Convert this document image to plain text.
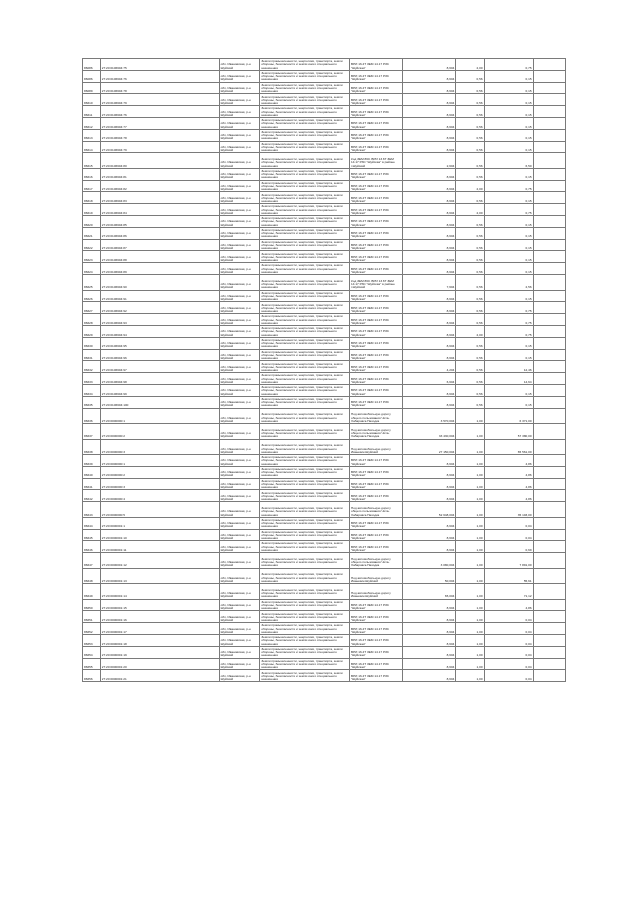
86086	27:20:0106604:75	обл. Ивановская, р-н Шуйский	Земли промышленности, энергетики, транспорта, земли обороны, безопасности и земли иного специального назначения	ВРИ 16.4Т ЗЕМ 14.17 РЗС "Шуйская"	8,604	2,00	0,75	
86086	27:20:0106604:76	обл. Ивановская, р-н Шуйский	Земли промышленности, энергетики, транспорта, земли обороны, безопасности и земли иного специального назначения	ВРИ 16.4Т ЗЕМ 14.17 РЗС "Шуйская"	8,604	0,56	0,15	
86089	27:20:0106604:78	обл. Ивановская, р-н Шуйский	Земли промышленности, энергетики, транспорта, земли обороны, безопасности и земли иного специального назначения	ВРИ 16.4Т ЗЕМ 14.17 РЗС "Шуйская"	8,604	0,56	0,15	
86610	27:20:0106604:79	обл. Ивановская, р-н Шуйский	Земли промышленности, энергетики, транспорта, земли обороны, безопасности и земли иного специального назначения	ВРИ 16.4Т ЗЕМ 14.17 РЗС "Шуйская"	8,604	0,56	0,15	
86611	27:20:0106604:76	обл. Ивановская, р-н Шуйский	Земли промышленности, энергетики, транспорта, земли обороны, безопасности и земли иного специального назначения	ВРИ 16.4Т ЗЕМ 14.17 РЗС "Шуйская"	8,604	0,56	0,15	
86612	27:20:0106604:77	обл. Ивановская, р-н Шуйский	Земли промышленности, энергетики, транспорта, земли обороны, безопасности и земли иного специального назначения	ВРИ 16.4Т ЗЕМ 14.17 РЗС "Шуйская"	8,604	0,56	0,15	
86613	27:20:0106604:78	обл. Ивановская, р-н Шуйский	Земли промышленности, энергетики, транспорта, земли обороны, безопасности и земли иного специального назначения	ВРИ 16.4Т ЗЕМ 14.17 РЗС "Шуйская"	8,604	0,56	0,15	
86614	27:20:0106604:79	обл. Ивановская, р-н Шуйский	Земли промышленности, энергетики, транспорта, земли обороны, безопасности и земли иного специального назначения	ВРИ 16.4Т ЗЕМ 14.17 РЗС "Шуйская"	8,604	0,56	0,15	
86615	27:20:0106604:80	обл. Ивановская, р-н Шуйский	Земли промышленности, энергетики, транспорта, земли обороны, безопасности и земли иного специального назначения	Код ЗЕМ 860. ВРИ 13.6Т ЗЕМ 14.17 РЗС "Шуйская" в районе г.Шуйский	2,604	0,56	6,50	
86616	27:20:0106604:81	обл. Ивановская, р-н Шуйский	Земли промышленности, энергетики, транспорта, земли обороны, безопасности и земли иного специального назначения	ВРИ 16.4Т ЗЕМ 14.17 РЗС "Шуйская"	8,604	0,56	0,15	
86617	27:20:0106604:82	обл. Ивановская, р-н Шуйский	Земли промышленности, энергетики, транспорта, земли обороны, безопасности и земли иного специального назначения	ВРИ 16.4Т ЗЕМ 14.17 РЗС "Шуйская"	8,604	2,00	0,75	
86618	27:20:0106604:83	обл. Ивановская, р-н Шуйский	Земли промышленности, энергетики, транспорта, земли обороны, безопасности и земли иного специального назначения	ВРИ 16.4Т ЗЕМ 14.17 РЗС "Шуйская"	8,604	0,56	0,15	
86619	27:20:0106604:84	обл. Ивановская, р-н Шуйский	Земли промышленности, энергетики, транспорта, земли обороны, безопасности и земли иного специального назначения	ВРИ 16.4Т ЗЕМ 14.17 РЗС "Шуйская"	8,604	2,00	0,75	
86620	27:20:0106604:85	обл. Ивановская, р-н Шуйский	Земли промышленности, энергетики, транспорта, земли обороны, безопасности и земли иного специального назначения	ВРИ 16.4Т ЗЕМ 14.17 РЗС "Шуйская"	8,604	0,56	0,15	
86621	27:20:0106604:86	обл. Ивановская, р-н Шуйский	Земли промышленности, энергетики, транспорта, земли обороны, безопасности и земли иного специального назначения	ВРИ 16.4Т ЗЕМ 14.17 РЗС "Шуйская"	8,604	0,56	0,15	
86622	27:20:0106604:87	обл. Ивановская, р-н Шуйский	Земли промышленности, энергетики, транспорта, земли обороны, безопасности и земли иного специального назначения	ВРИ 16.4Т ЗЕМ 14.17 РЗС "Шуйская"	8,604	0,56	0,15	
86623	27:20:0106604:88	обл. Ивановская, р-н Шуйский	Земли промышленности, энергетики, транспорта, земли обороны, безопасности и земли иного специального назначения	ВРИ 16.4Т ЗЕМ 14.17 РЗС "Шуйская"	8,604	0,56	0,15	
86624	27:20:0106604:89	обл. Ивановская, р-н Шуйский	Земли промышленности, энергетики, транспорта, земли обороны, безопасности и земли иного специального назначения	ВРИ 16.4Т ЗЕМ 14.17 РЗС "Шуйская"	8,604	0,56	0,15	
86625	27:20:0106604:90	обл. Ивановская, р-н Шуйский	Земли промышленности, энергетики, транспорта, земли обороны, безопасности и земли иного специального назначения	Код ЗЕМ 860. ВРИ 13.6Т ЗЕМ 14.17 РЗС "Шуйская" в районе г.Шуйский	7,604	0,56	2,56	
86626	27:20:0106604:91	обл. Ивановская, р-н Шуйский	Земли промышленности, энергетики, транспорта, земли обороны, безопасности и земли иного специального назначения	ВРИ 16.4Т ЗЕМ 14.17 РЗС "Шуйская"	8,604	0,56	0,15	
86627	27:20:0106604:92	обл. Ивановская, р-н Шуйский	Земли промышленности, энергетики, транспорта, земли обороны, безопасности и земли иного специального назначения	ВРИ 16.4Т ЗЕМ 14.17 РЗС "Шуйская"	8,604	0,56	0,75	
86628	27:20:0106604:93	обл. Ивановская, р-н Шуйский	Земли промышленности, энергетики, транспорта, земли обороны, безопасности и земли иного специального назначения	ВРИ 16.4Т ЗЕМ 14.17 РЗС "Шуйская"	8,604	0,56	0,75	
86629	27:20:0106604:94	обл. Ивановская, р-н Шуйский	Земли промышленности, энергетики, транспорта, земли обороны, безопасности и земли иного специального назначения	ВРИ 16.4Т ЗЕМ 14.17 РЗС "Шуйская"	8,604	2,00	0,75	
86630	27:20:0106604:95	обл. Ивановская, р-н Шуйский	Земли промышленности, энергетики, транспорта, земли обороны, безопасности и земли иного специального назначения	ВРИ 16.4Т ЗЕМ 14.17 РЗС "Шуйская"	8,604	0,56	0,15	
86631	27:20:0106604:96	обл. Ивановская, р-н Шуйский	Земли промышленности, энергетики, транспорта, земли обороны, безопасности и земли иного специального назначения	ВРИ 16.4Т ЗЕМ 14.17 РЗС "Шуйская"	8,604	0,56	0,15	
86632	27:20:0106604:97	обл. Ивановская, р-н Шуйский	Земли промышленности, энергетики, транспорта, земли обороны, безопасности и земли иного специального назначения	ВРИ 16.4Т ЗЕМ 14.17 РЗС "Шуйская"	4,204	0,56	12,46	
86633	27:20:0106604:98	обл. Ивановская, р-н Шуйский	Земли промышленности, энергетики, транспорта, земли обороны, безопасности и земли иного специального назначения	ВРИ 16.4Т ЗЕМ 14.17 РЗС "Шуйская"	6,604	0,56	14,64	
86634	27:20:0106604:99	обл. Ивановская, р-н Шуйский	Земли промышленности, энергетики, транспорта, земли обороны, безопасности и земли иного специального назначения	ВРИ 16.4Т ЗЕМ 14.17 РЗС "Шуйская"	8,604	0,56	0,15	
86635	27:20:0106604:100	обл. Ивановская, р-н Шуйский	Земли промышленности, энергетики, транспорта, земли обороны, безопасности и земли иного специального назначения	ВРИ 16.4Т ЗЕМ 14.17 РЗС "Шуйская"	8,604	0,56	0,15	
86636	27:20:0000000:1	обл. Ивановская, р-н Шуйский	Земли промышленности, энергетики, транспорта, земли обороны, безопасности и земли иного специального назначения	Под автомобильную дорогу общего пользования Чита-Хабаровск-Находка	3 570,004	1,00	6 371,00	
86637	27:20:0000000:2	обл. Ивановская, р-н Шуйский	Земли промышленности, энергетики, транспорта, земли обороны, безопасности и земли иного специального назначения	Под автомобильную дорогу общего пользования Чита-Хабаровск-Находка	33 430,004	1,00	57 380,00	
86638	27:20:0000000:3	обл. Ивановская, р-н Шуйский	Земли промышленности, энергетики, транспорта, земли обороны, безопасности и земли иного специального назначения	Под автомобильную дорогу Ивановск-Шуйский	27 150,004	1,00	65 561,00	
86639	27:20:0000000:1	обл. Ивановская, р-н Шуйский	Земли промышленности, энергетики, транспорта, земли обороны, безопасности и земли иного специального назначения	ВРИ 16.4Т ЗЕМ 14.17 РЗС "Шуйская"	8,604	1,00	4,86	
86640	27:20:0000000:2	обл. Ивановская, р-н Шуйский	Земли промышленности, энергетики, транспорта, земли обороны, безопасности и земли иного специального назначения	ВРИ 16.4Т ЗЕМ 14.17 РЗС "Шуйская"	8,604	1,00	4,86	
86641	27:20:0000000:3	обл. Ивановская, р-н Шуйский	Земли промышленности, энергетики, транспорта, земли обороны, безопасности и земли иного специального назначения	ВРИ 16.4Т ЗЕМ 14.17 РЗС "Шуйская"	8,604	1,00	4,86	
86642	27:20:0000000:4	обл. Ивановская, р-н Шуйский	Земли промышленности, энергетики, транспорта, земли обороны, безопасности и земли иного специального назначения	ВРИ 16.4Т ЗЕМ 14.17 РЗС "Шуйская"	8,604	1,00	4,86	
86643	27:20:0000000:5	обл. Ивановская, р-н Шуйский	Земли промышленности, энергетики, транспорта, земли обороны, безопасности и земли иного специального назначения	Под автомобильную дорогу общего пользования Чита-Хабаровск-Находка	52 648,004	1,00	35 103,00	
86644	27:20:0000001:1	обл. Ивановская, р-н Шуйский	Земли промышленности, энергетики, транспорта, земли обороны, безопасности и земли иного специального назначения	ВРИ 16.4Т ЗЕМ 14.17 РЗС "Шуйская"	8,604	1,00	0,04	
86645	27:20:0000001:10	обл. Ивановская, р-н Шуйский	Земли промышленности, энергетики, транспорта, земли обороны, безопасности и земли иного специального назначения	ВРИ 16.4Т ЗЕМ 14.17 РЗС "Шуйская"	8,604	1,00	0,04	
86646	27:20:0000001:11	обл. Ивановская, р-н Шуйский	Земли промышленности, энергетики, транспорта, земли обороны, безопасности и земли иного специального назначения	ВРИ 16.4Т ЗЕМ 14.17 РЗС "Шуйская"	8,604	1,00	0,69	
86647	27:20:0000001:12	обл. Ивановская, р-н Шуйский	Земли промышленности, энергетики, транспорта, земли обороны, безопасности и земли иного специального назначения	Под автомобильную дорогу общего пользования Чита-Хабаровск-Находка	3 080,004	1,00	7 891,00	
86648	27:20:0000001:13	обл. Ивановская, р-н Шуйский	Земли промышленности, энергетики, транспорта, земли обороны, безопасности и земли иного специального назначения	Под автомобильную дорогу Ивановск-Шуйский	50,004	1,00	55,61	
86649	27:20:0000001:14	обл. Ивановская, р-н Шуйский	Земли промышленности, энергетики, транспорта, земли обороны, безопасности и земли иного специального назначения	Под автомобильную дорогу Ивановск-Шуйский	65,004	1,00	71,12	
86650	27:20:0000001:15	обл. Ивановская, р-н Шуйский	Земли промышленности, энергетики, транспорта, земли обороны, безопасности и земли иного специального назначения	ВРИ 16.4Т ЗЕМ 14.17 РЗС "Шуйская"	8,604	1,00	4,86	
86651	27:20:0000001:16	обл. Ивановская, р-н Шуйский	Земли промышленности, энергетики, транспорта, земли обороны, безопасности и земли иного специального назначения	ВРИ 16.4Т ЗЕМ 14.17 РЗС "Шуйская"	8,604	1,00	0,04	
86652	27:20:0000001:17	обл. Ивановская, р-н Шуйский	Земли промышленности, энергетики, транспорта, земли обороны, безопасности и земли иного специального назначения	ВРИ 16.4Т ЗЕМ 14.17 РЗС "Шуйская"	8,604	1,00	0,04	
86653	27:20:0000001:18	обл. Ивановская, р-н Шуйский	Земли промышленности, энергетики, транспорта, земли обороны, безопасности и земли иного специального назначения	ВРИ 16.4Т ЗЕМ 14.17 РЗС "Шуйская"	8,604	1,00	0,04	
86654	27:20:0000001:19	обл. Ивановская, р-н Шуйский	Земли промышленности, энергетики, транспорта, земли обороны, безопасности и земли иного специального назначения	ВРИ 16.4Т ЗЕМ 14.17 РЗС "Шуйская"	8,604	1,00	0,04	
86655	27:20:0000001:20	обл. Ивановская, р-н Шуйский	Земли промышленности, энергетики, транспорта, земли обороны, безопасности и земли иного специального назначения	ВРИ 16.4Т ЗЕМ 14.17 РЗС "Шуйская"	8,604	1,00	0,04	
86656	27:20:0000001:21	обл. Ивановская, р-н Шуйский	Земли промышленности, энергетики, транспорта, земли обороны, безопасности и земли иного специального назначения	ВРИ 16.4Т ЗЕМ 14.17 РЗС "Шуйская"	8,604	1,00	0,04	
